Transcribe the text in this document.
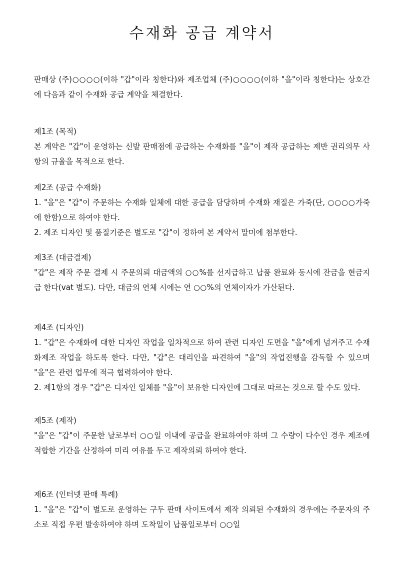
수재화 공급 계약서
판매상 (주)○○○○(이하 "갑"이라 칭한다)와 제조업체 (주)○○○○(이하 "을"이라 칭한다)는 상호간에 다음과 같이 수재화 공급 계약을 체결한다.
제1조 (목적)
본 계약은 "갑"이 운영하는 신발 판매점에 공급하는 수재화를 "을"이 제작 공급하는 제반 권리의무 사항의 규율을 목적으로 한다.
제2조 (공급 수재화)
1. "을"은 "갑"이 주문하는 수재화 일체에 대한 공급을 담당하며 수재화 재질은 가죽(단, ○○○○가죽에 한함)으로 하여야 한다.
2. 제조 디자인 및 품질기준은 별도로 "갑"이 정하여 본 계약서 말미에 첨부한다.
제3조 (대금결제)
"갑"은 제작 주문 결제 시 주문의뢰 대금액의 ○○%를 선지급하고 납품 완료와 동시에 잔금을 현금지급 한다(vat 별도). 다만, 대금의 연체 시에는 연 ○○%의 연체이자가 가산된다.
제4조 (디자인)
1. "갑"은 수재화에 대한 디자인 작업을 일차적으로 하여 관련 디자인 도면을 "을"에게 넘겨주고 수재화제조 작업을 하도록 한다. 다만, "갑"은 대리인을 파견하여 "을"의 작업진행을 감독할 수 있으며 "을"은 관련 업무에 적극 협력하여야 한다.
2. 제1항의 경우 "갑"은 디자인 일체를 "을"이 보유한 디자인에 그대로 따르는 것으로 할 수도 있다.
제5조 (제작)
"을"은 "갑"이 주문한 날로부터 ○○일 이내에 공급을 완료하여야 하며 그 수량이 다수인 경우 제조에 적합한 기간을 산정하여 미리 여유를 두고 제작의뢰 하여야 한다.
제6조 (인터넷 판매 특례)
1. "을"은 "갑"이 별도로 운영하는 구두 판매 사이트에서 제작 의뢰된 수재화의 경우에는 주문자의 주소로 직접 우편 발송하여야 하며 도착일이 납품일로부터 ○○일
